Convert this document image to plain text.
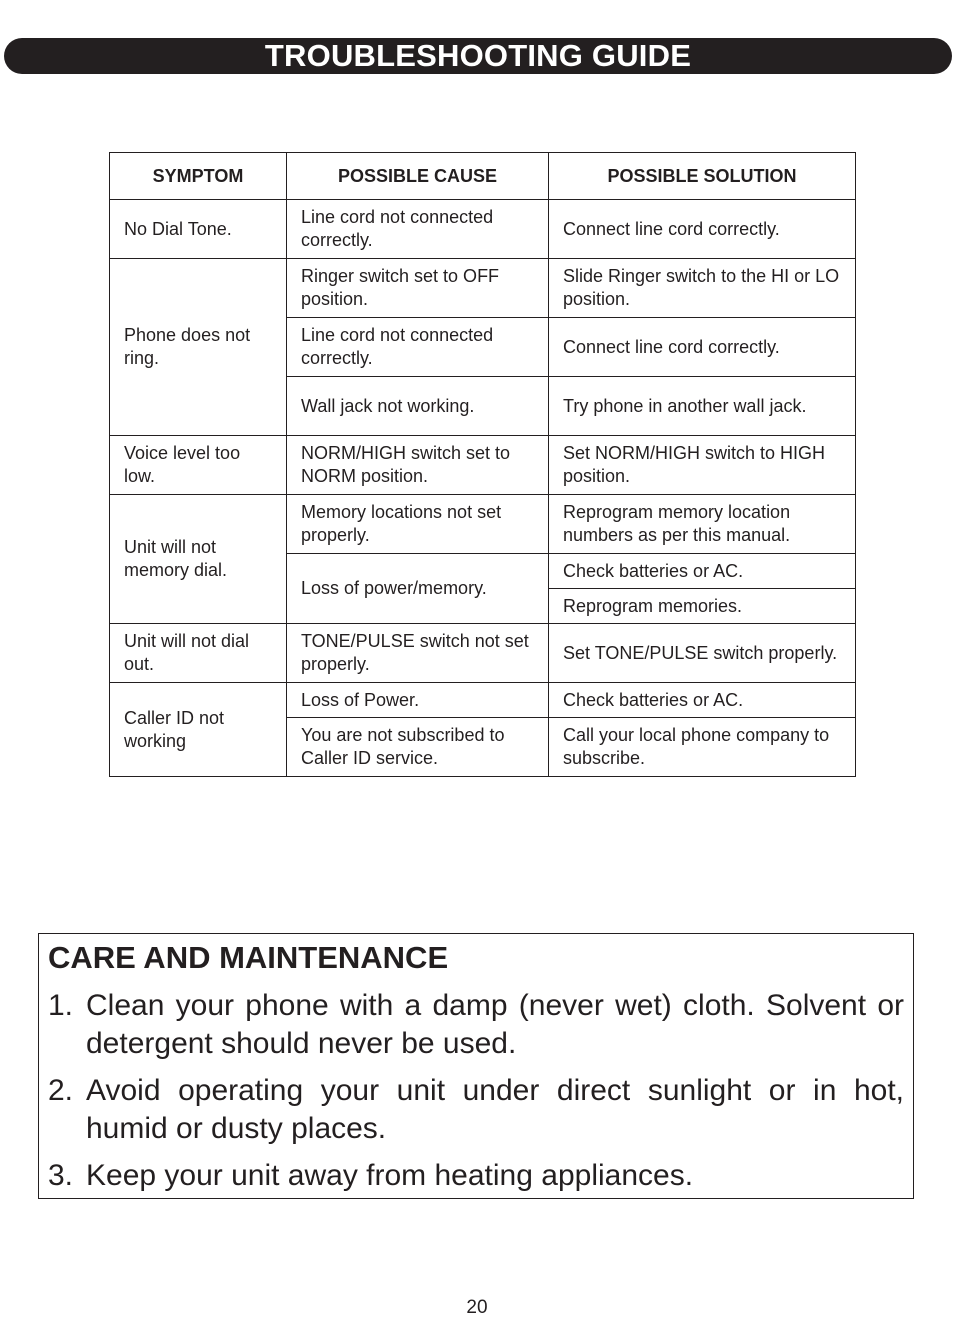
TROUBLESHOOTING GUIDE
SYMPTOM	POSSIBLE CAUSE	POSSIBLE SOLUTION
No Dial Tone.	Line cord not connected correctly.	Connect line cord correctly.
Phone does not ring.	Ringer switch set to OFF position.	Slide Ringer switch to the HI or LO position.
	Line cord not connected correctly.	Connect line cord correctly.
	Wall jack not working.	Try phone in another wall jack.
Voice level too low.	NORM/HIGH switch set to NORM position.	Set NORM/HIGH switch to HIGH position.
Unit will not memory dial.	Memory locations not set properly.	Reprogram memory location numbers as per this manual.
	Loss of power/memory.	Check batteries or AC.
		Reprogram memories.
Unit will not dial out.	TONE/PULSE switch not set properly.	Set TONE/PULSE switch properly.
Caller ID not working	Loss of Power.	Check batteries or AC.
	You are not subscribed to Caller ID service.	Call your local phone company to subscribe.
CARE AND MAINTENANCE
1. Clean your phone with a damp (never wet) cloth. Solvent or detergent should never be used.
2. Avoid operating your unit under direct sunlight or in hot, humid or dusty places.
3. Keep your unit away from heating appliances.
20
